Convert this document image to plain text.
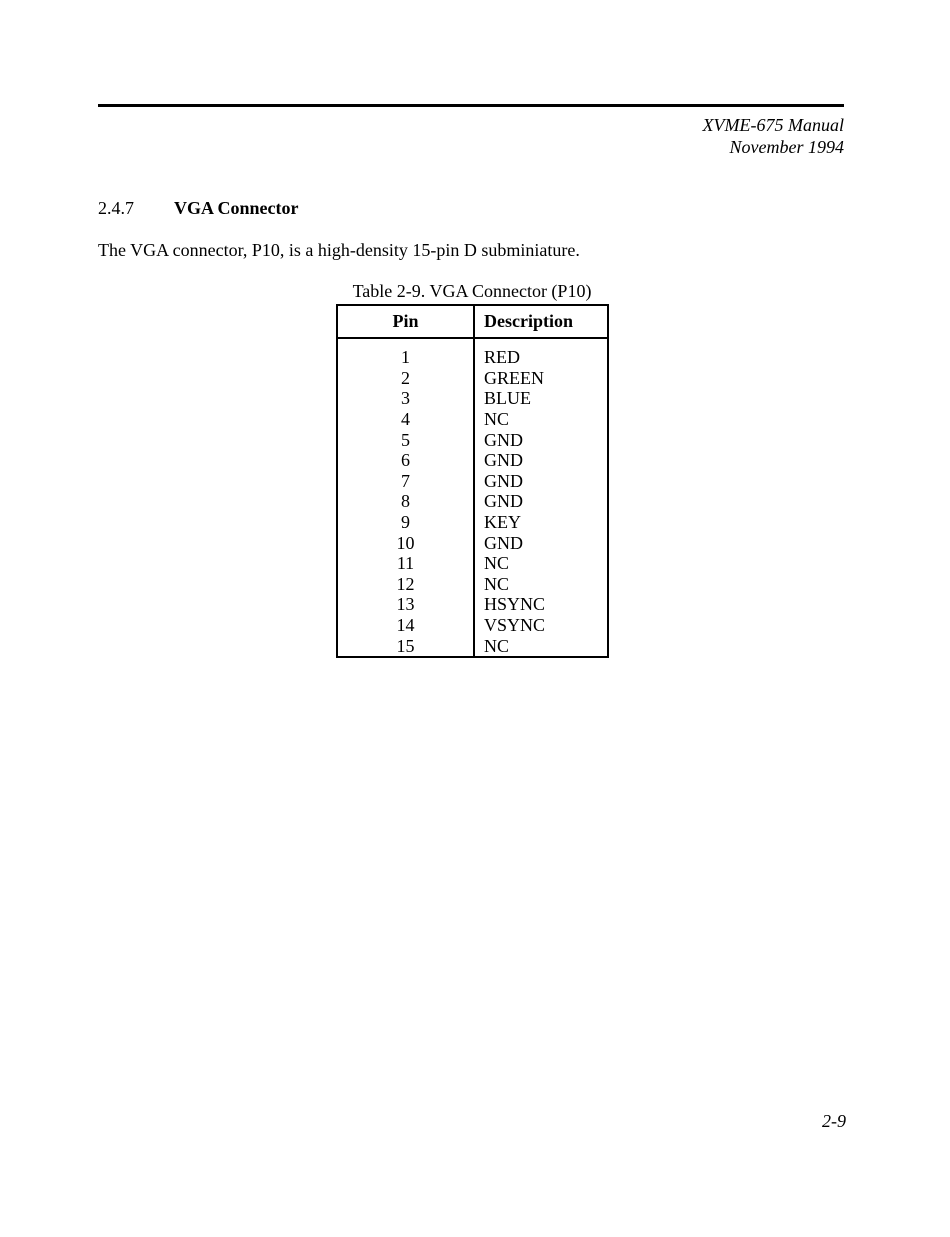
XVME-675 Manual
November 1994
2.4.7 VGA Connector
The VGA connector, P10, is a high-density 15-pin D subminiature.
Table 2-9. VGA Connector (P10)
Pin	Description
1	RED
2	GREEN
3	BLUE
4	NC
5	GND
6	GND
7	GND
8	GND
9	KEY
10	GND
11	NC
12	NC
13	HSYNC
14	VSYNC
15	NC
2-9
